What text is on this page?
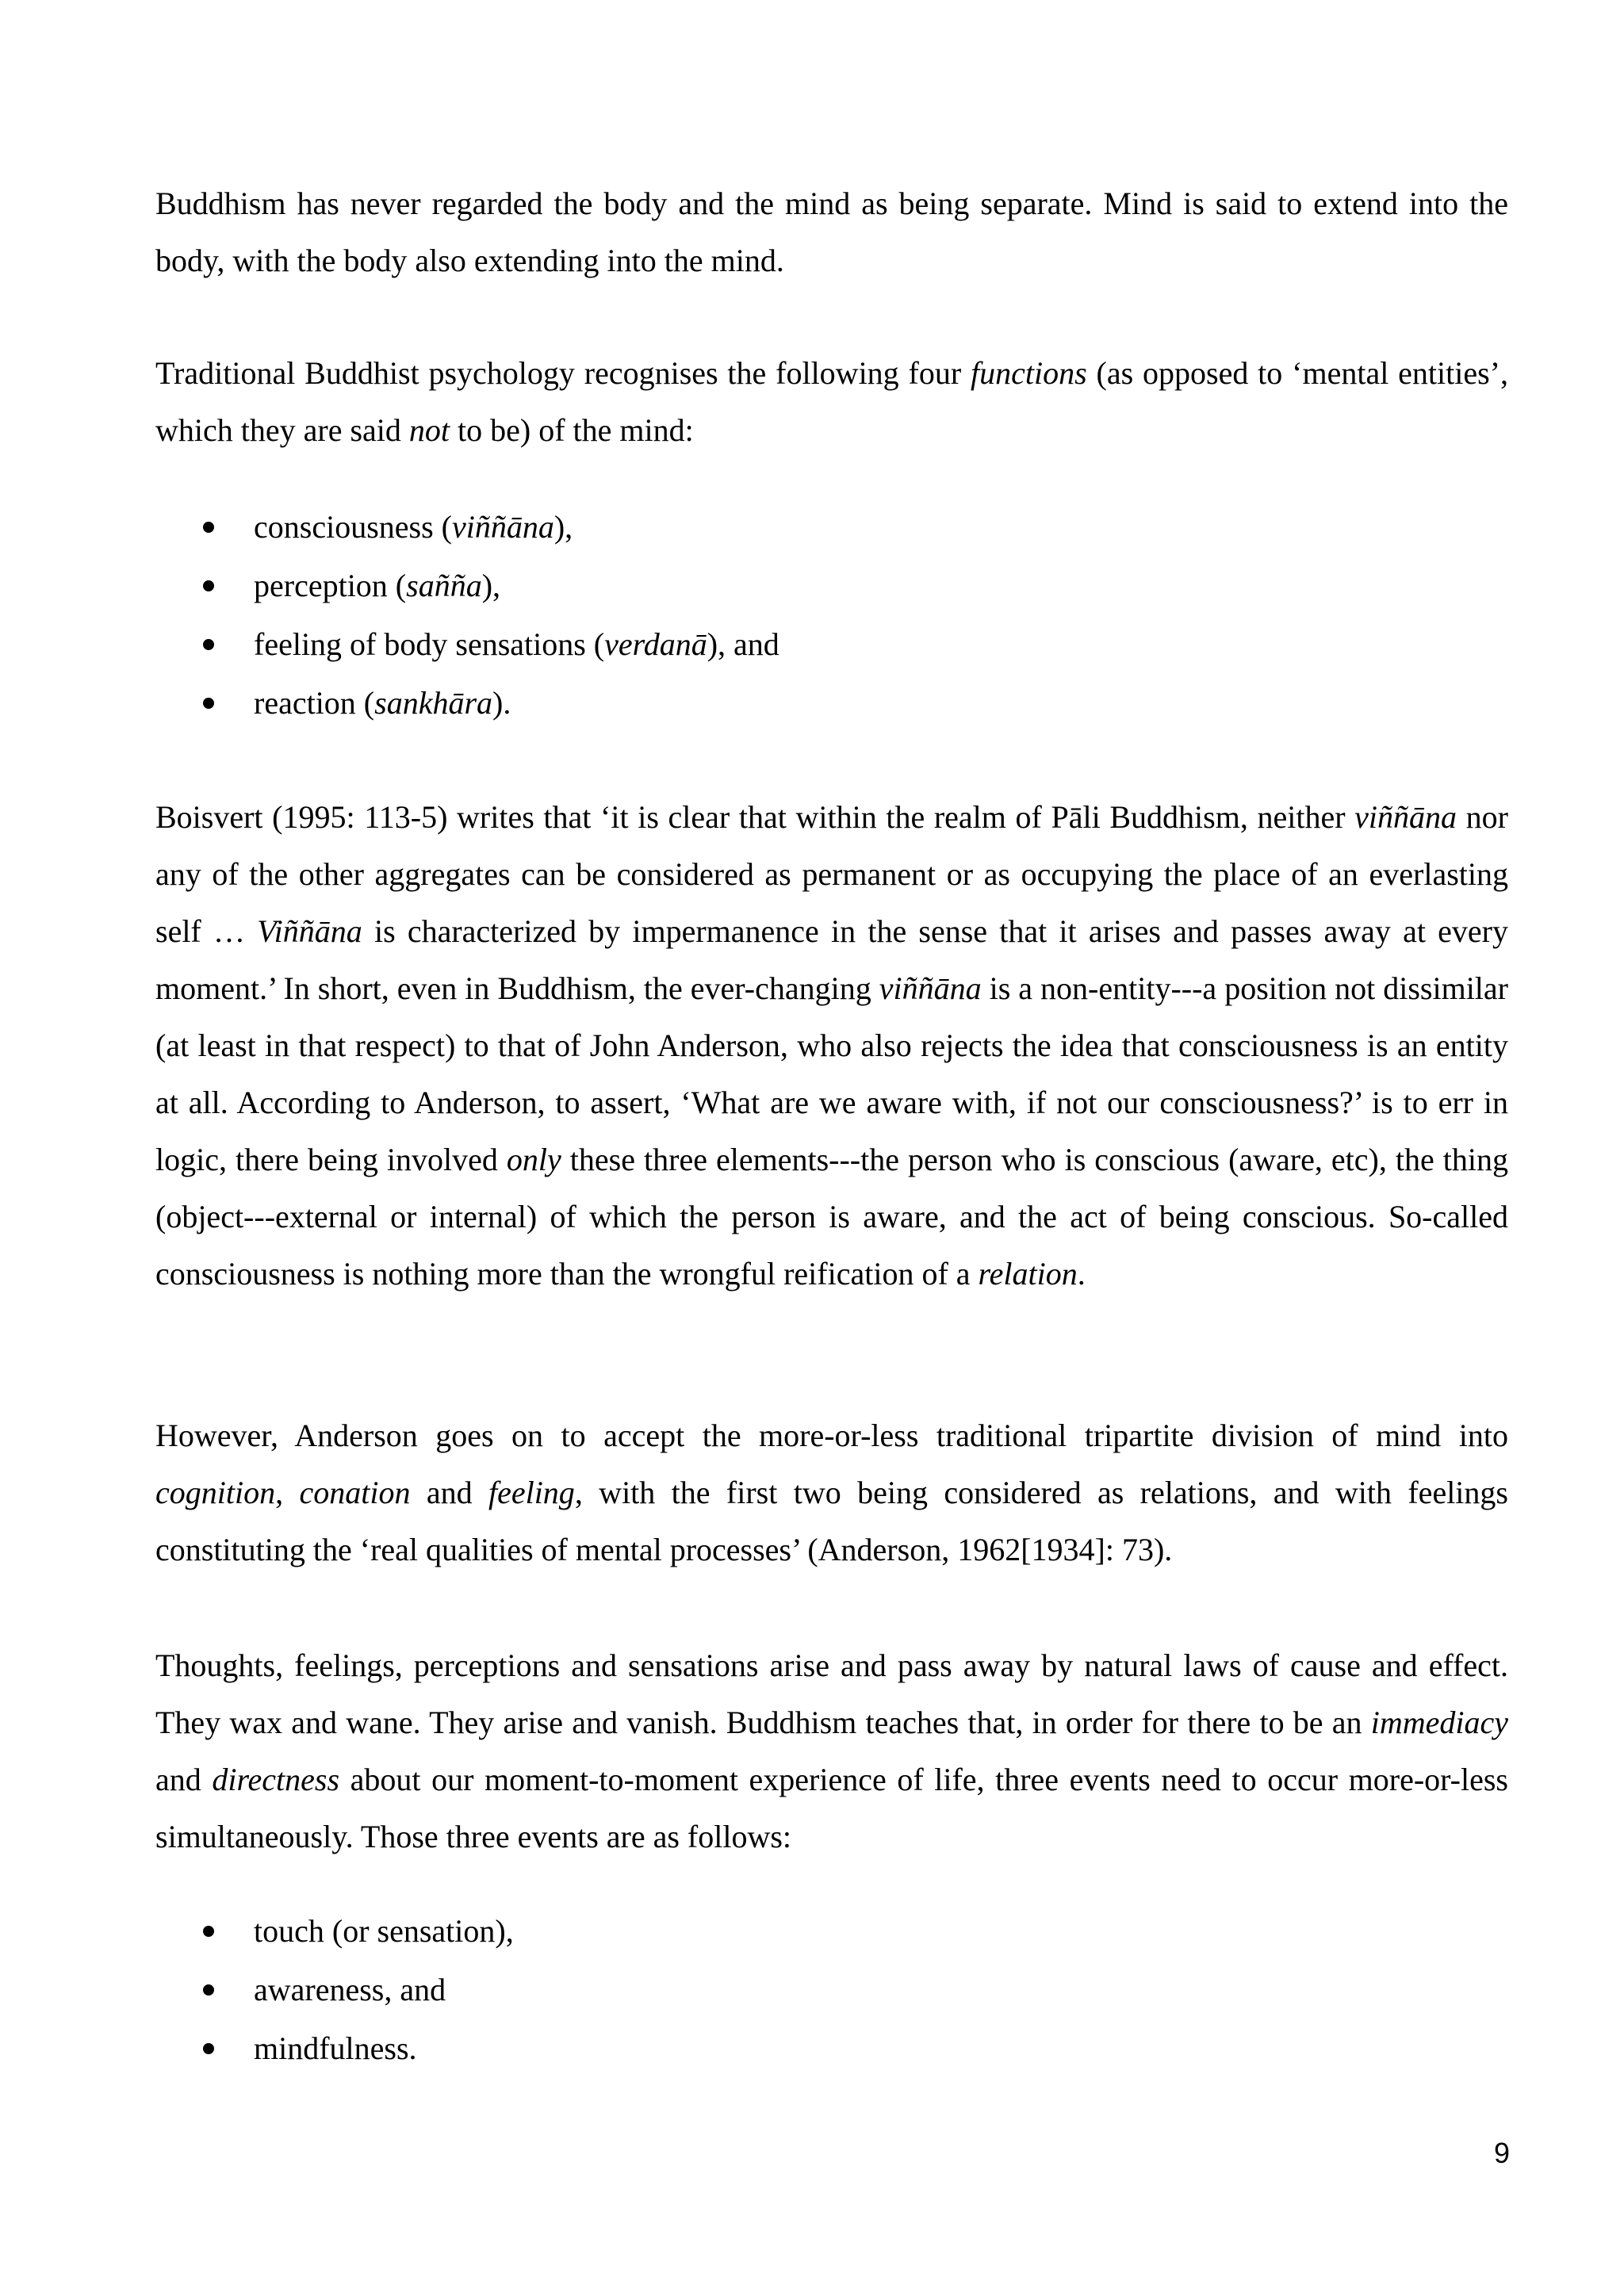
Buddhism has never regarded the body and the mind as being separate. Mind is said to extend into the body, with the body also extending into the mind.

Traditional Buddhist psychology recognises the following four functions (as opposed to ‘mental entities’, which they are said not to be) of the mind:

consciousness (viññāna),
perception (sañña),
feeling of body sensations (verdanā), and
reaction (sankhāra).

Boisvert (1995: 113-5) writes that ‘it is clear that within the realm of Pāli Buddhism, neither viññāna nor any of the other aggregates can be considered as permanent or as occupying the place of an everlasting self … Viññāna is characterized by impermanence in the sense that it arises and passes away at every moment.’ In short, even in Buddhism, the ever-changing viññāna is a non-entity---a position not dissimilar (at least in that respect) to that of John Anderson, who also rejects the idea that consciousness is an entity at all. According to Anderson, to assert, ‘What are we aware with, if not our consciousness?’ is to err in logic, there being involved only these three elements---the person who is conscious (aware, etc), the thing (object---external or internal) of which the person is aware, and the act of being conscious. So-called consciousness is nothing more than the wrongful reification of a relation.

However, Anderson goes on to accept the more-or-less traditional tripartite division of mind into cognition, conation and feeling, with the first two being considered as relations, and with feelings constituting the ‘real qualities of mental processes’ (Anderson, 1962[1934]: 73).

Thoughts, feelings, perceptions and sensations arise and pass away by natural laws of cause and effect. They wax and wane. They arise and vanish. Buddhism teaches that, in order for there to be an immediacy and directness about our moment-to-moment experience of life, three events need to occur more-or-less simultaneously. Those three events are as follows:

touch (or sensation),
awareness, and
mindfulness.
9
